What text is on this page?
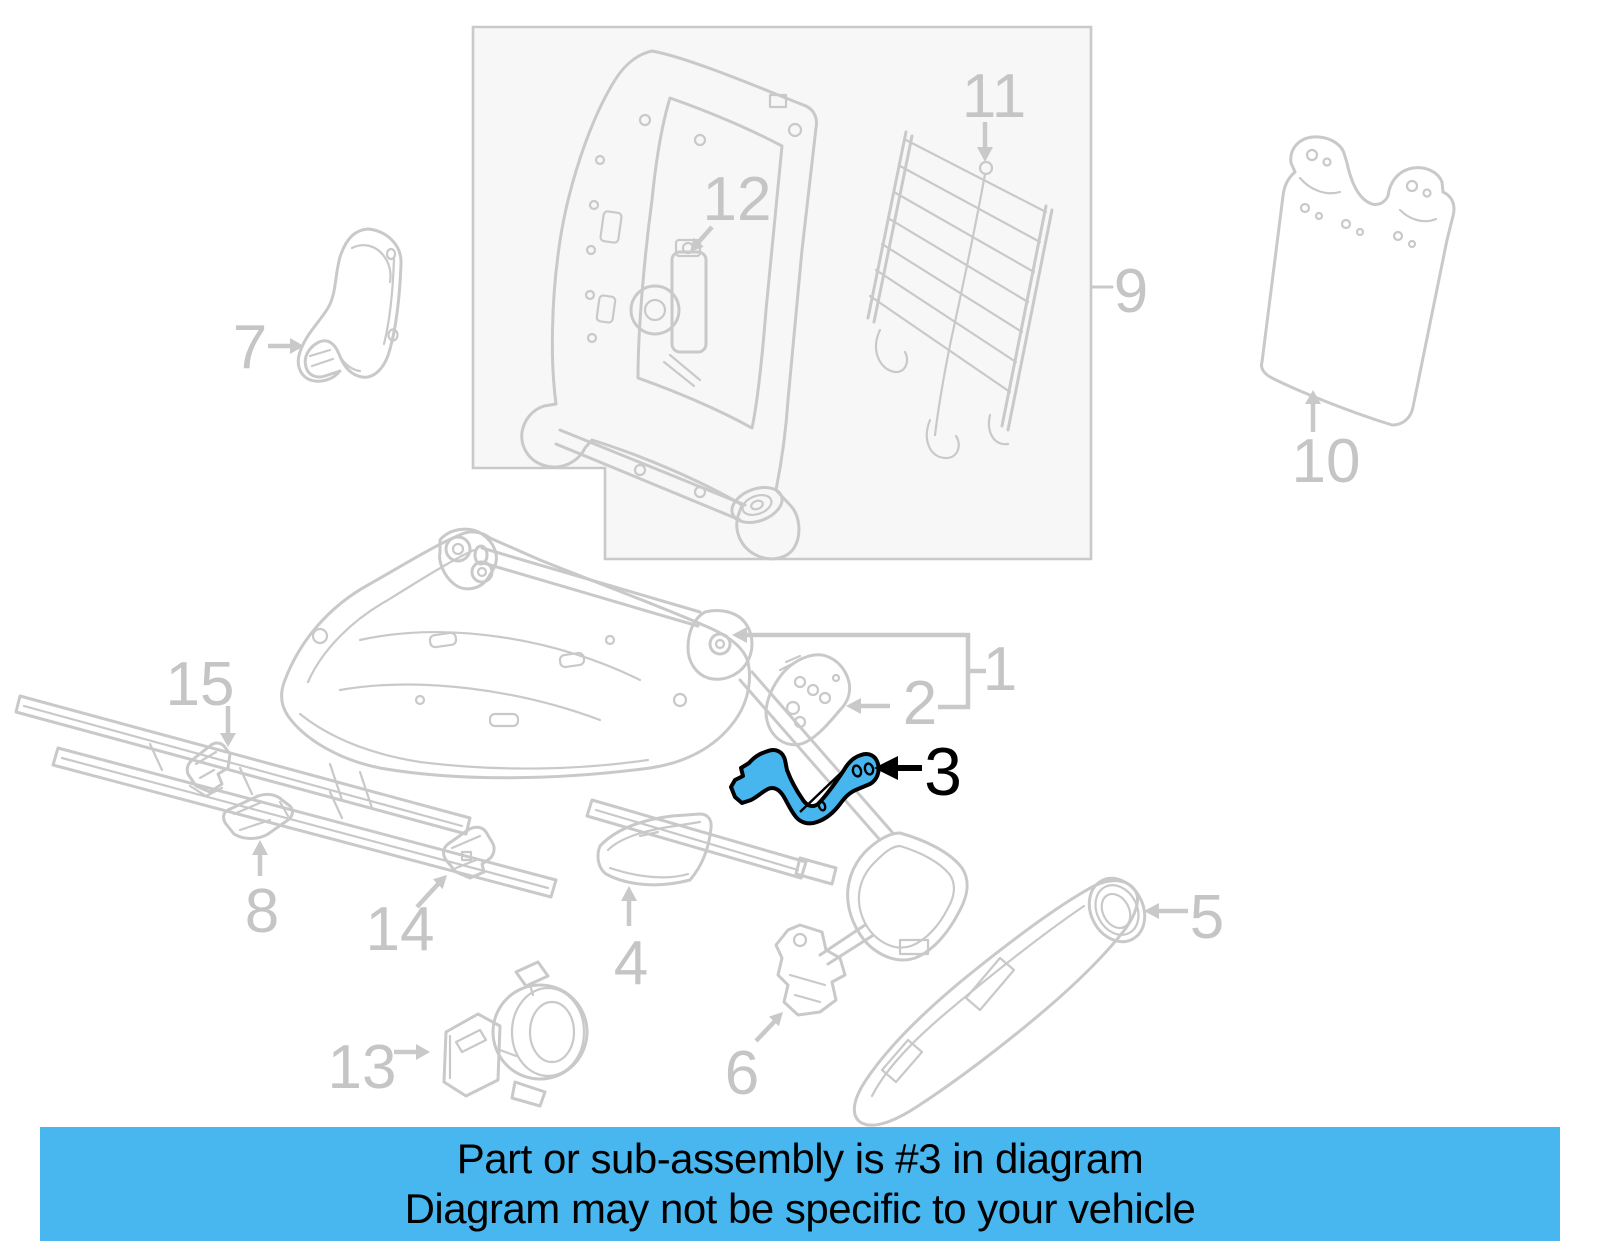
1
2
3
4
5
6
7
8
9
10
11
12
13
14
15
Part or sub-assembly is #3 in diagram
Diagram may not be specific to your vehicle
